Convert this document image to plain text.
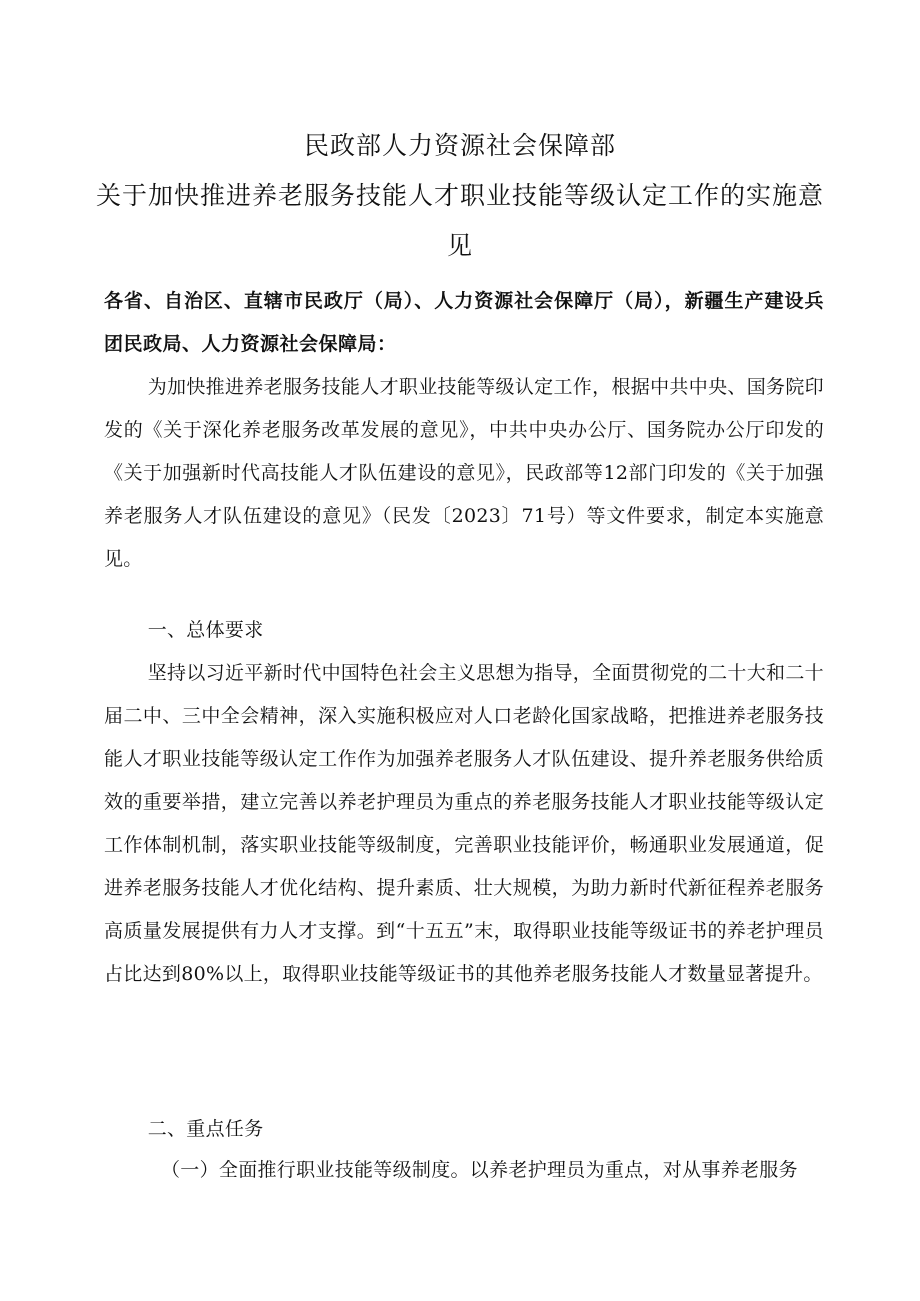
民政部人力资源社会保障部
关于加快推进养老服务技能人才职业技能等级认定工作的实施意
见
各省、自治区、直辖市民政厅（局）、人力资源社会保障厅（局），新疆生产建设兵团民政局、人力资源社会保障局：
为加快推进养老服务技能人才职业技能等级认定工作，根据中共中央、国务院印发的《关于深化养老服务改革发展的意见》，中共中央办公厅、国务院办公厅印发的《关于加强新时代高技能人才队伍建设的意见》，民政部等12部门印发的《关于加强养老服务人才队伍建设的意见》（民发〔2023〕71号）等文件要求，制定本实施意见。
一、总体要求
坚持以习近平新时代中国特色社会主义思想为指导，全面贯彻党的二十大和二十届二中、三中全会精神，深入实施积极应对人口老龄化国家战略，把推进养老服务技能人才职业技能等级认定工作作为加强养老服务人才队伍建设、提升养老服务供给质效的重要举措，建立完善以养老护理员为重点的养老服务技能人才职业技能等级认定工作体制机制，落实职业技能等级制度，完善职业技能评价，畅通职业发展通道，促进养老服务技能人才优化结构、提升素质、壮大规模，为助力新时代新征程养老服务高质量发展提供有力人才支撑。到“十五五”末，取得职业技能等级证书的养老护理员占比达到80%以上，取得职业技能等级证书的其他养老服务技能人才数量显著提升。
二、重点任务
（一）全面推行职业技能等级制度。以养老护理员为重点，对从事养老服务
